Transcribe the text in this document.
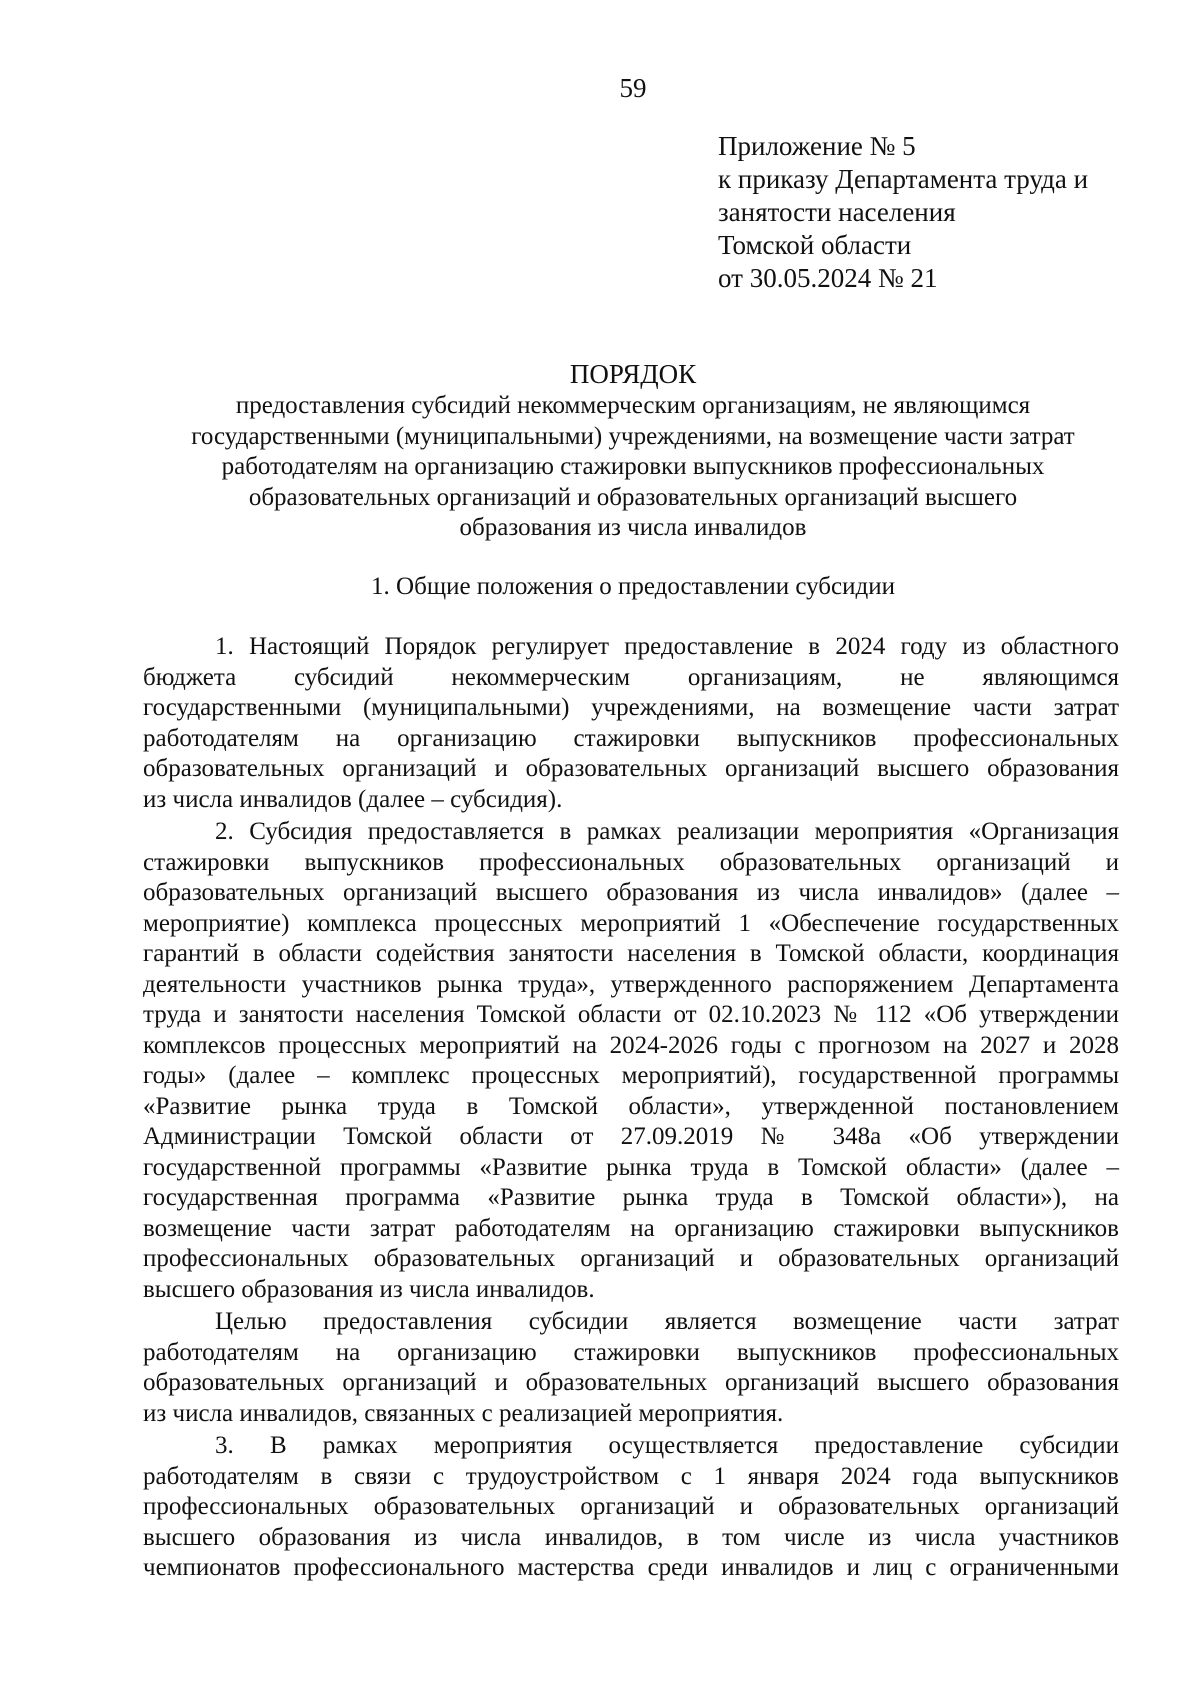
59
Приложение № 5
к приказу Департамента труда и
занятости населения
Томской области
от 30.05.2024 № 21
ПОРЯДОК
предоставления субсидий некоммерческим организациям, не являющимся
государственными (муниципальными) учреждениями, на возмещение части затрат
работодателям на организацию стажировки выпускников профессиональных
образовательных организаций и образовательных организаций высшего
образования из числа инвалидов
1. Общие положения о предоставлении субсидии
1. Настоящий Порядок регулирует предоставление в 2024 году из областного
бюджета субсидий некоммерческим организациям, не являющимся
государственными (муниципальными) учреждениями, на возмещение части затрат
работодателям на организацию стажировки выпускников профессиональных
образовательных организаций и образовательных организаций высшего образования
из числа инвалидов (далее – субсидия).
2. Субсидия предоставляется в рамках реализации мероприятия «Организация
стажировки выпускников профессиональных образовательных организаций и
образовательных организаций высшего образования из числа инвалидов» (далее –
мероприятие) комплекса процессных мероприятий 1 «Обеспечение государственных
гарантий в области содействия занятости населения в Томской области, координация
деятельности участников рынка труда», утвержденного распоряжением Департамента
труда и занятости населения Томской области от 02.10.2023 № 112 «Об утверждении
комплексов процессных мероприятий на 2024-2026 годы с прогнозом на 2027 и 2028
годы» (далее – комплекс процессных мероприятий), государственной программы
«Развитие рынка труда в Томской области», утвержденной постановлением
Администрации Томской области от 27.09.2019 № 348а «Об утверждении
государственной программы «Развитие рынка труда в Томской области» (далее –
государственная программа «Развитие рынка труда в Томской области»), на
возмещение части затрат работодателям на организацию стажировки выпускников
профессиональных образовательных организаций и образовательных организаций
высшего образования из числа инвалидов.
Целью предоставления субсидии является возмещение части затрат
работодателям на организацию стажировки выпускников профессиональных
образовательных организаций и образовательных организаций высшего образования
из числа инвалидов, связанных с реализацией мероприятия.
3. В рамках мероприятия осуществляется предоставление субсидии
работодателям в связи с трудоустройством с 1 января 2024 года выпускников
профессиональных образовательных организаций и образовательных организаций
высшего образования из числа инвалидов, в том числе из числа участников
чемпионатов профессионального мастерства среди инвалидов и лиц с ограниченными
